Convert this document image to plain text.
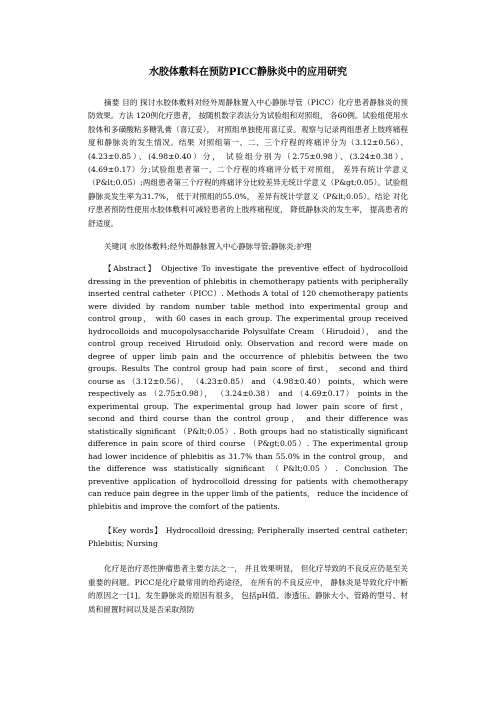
水胶体敷料在预防PICC静脉炎中的应用研究

摘要 目的 探讨水胶体敷料对经外周静脉置入中心静脉导管（PICC）化疗患者静脉炎的预防效果。方法 120例化疗患者， 按随机数字表法分为试验组和对照组， 各60例。试验组使用水胶体和多磺酸粘多糖乳膏（喜辽妥）， 对照组单独使用喜辽妥。观察与记录两组患者上肢疼痛程度和静脉炎的发生情况。结果 对照组第一、二、三个疗程的疼痛评分为（3.12±0.56）、(4.23±0.85）、(4.98±0.40）分， 试验组分别为（2.75±0.98）、(3.24±0.38）、(4.69±0.17）分;试验组患者第一、二个疗程的疼痛评分低于对照组， 差异有统计学意义（P&lt;0.05）;两组患者第三个疗程的疼痛评分比较差异无统计学意义（P&gt;0.05）。试验组静脉炎发生率为31.7%， 低于对照组的55.0%， 差异有统计学意义（P&lt;0.05）。结论 对化疗患者预防性使用水胶体敷料可减轻患者的上肢疼痛程度， 降低静脉炎的发生率， 提高患者的舒适度。

关键词 水胶体敷料;经外周静脉置入中心静脉导管;静脉炎;护理

【Abstract】 Objective To investigate the preventive effect of hydrocolloid dressing in the prevention of phlebitis in chemotherapy patients with peripherally inserted central catheter（PICC）. Methods A total of 120 chemotherapy patients were divided by random number table method into experimental group and control group， with 60 cases in each group. The experimental group received hydrocolloids and mucopolysaccharide Polysulfate Cream （Hirudoid）， and the control group received Hirudoid only. Observation and record were made on degree of upper limb pain and the occurrence of phlebitis between the two groups. Results The control group had pain score of first， second and third course as （3.12±0.56）， （4.23±0.85） and （4.98±0.40） points， which were respectively as （2.75±0.98）， （3.24±0.38） and （4.69±0.17） points in the experimental group. The experimental group had lower pain score of first， second and third course than the control group， and their difference was statistically significant （P&lt;0.05）. Both groups had no statistically significant difference in pain score of third course （P&gt;0.05）. The experimental group had lower incidence of phlebitis as 31.7% than 55.0% in the control group， and the difference was statistically significant （P&lt;0.05）. Conclusion The preventive application of hydrocolloid dressing for patients with chemotherapy can reduce pain degree in the upper limb of the patients， reduce the incidence of phlebitis and improve the comfort of the patients.

【Key words】 Hydrocolloid dressing; Peripherally inserted central catheter; Phlebitis; Nursing

化疗是治疗恶性肿瘤患者主要方法之一， 并且效果明显， 但化疗导致的不良反应仍是至关重要的问题。PICC是化疗最常用的给药途径， 在所有的不良反应中， 静脉炎是导致化疗中断的原因之一[1]。发生静脉炎的原因有很多， 包括pH值、渗透压、静脉大小、管路的型号、材质和留置时间以及是否采取预防
